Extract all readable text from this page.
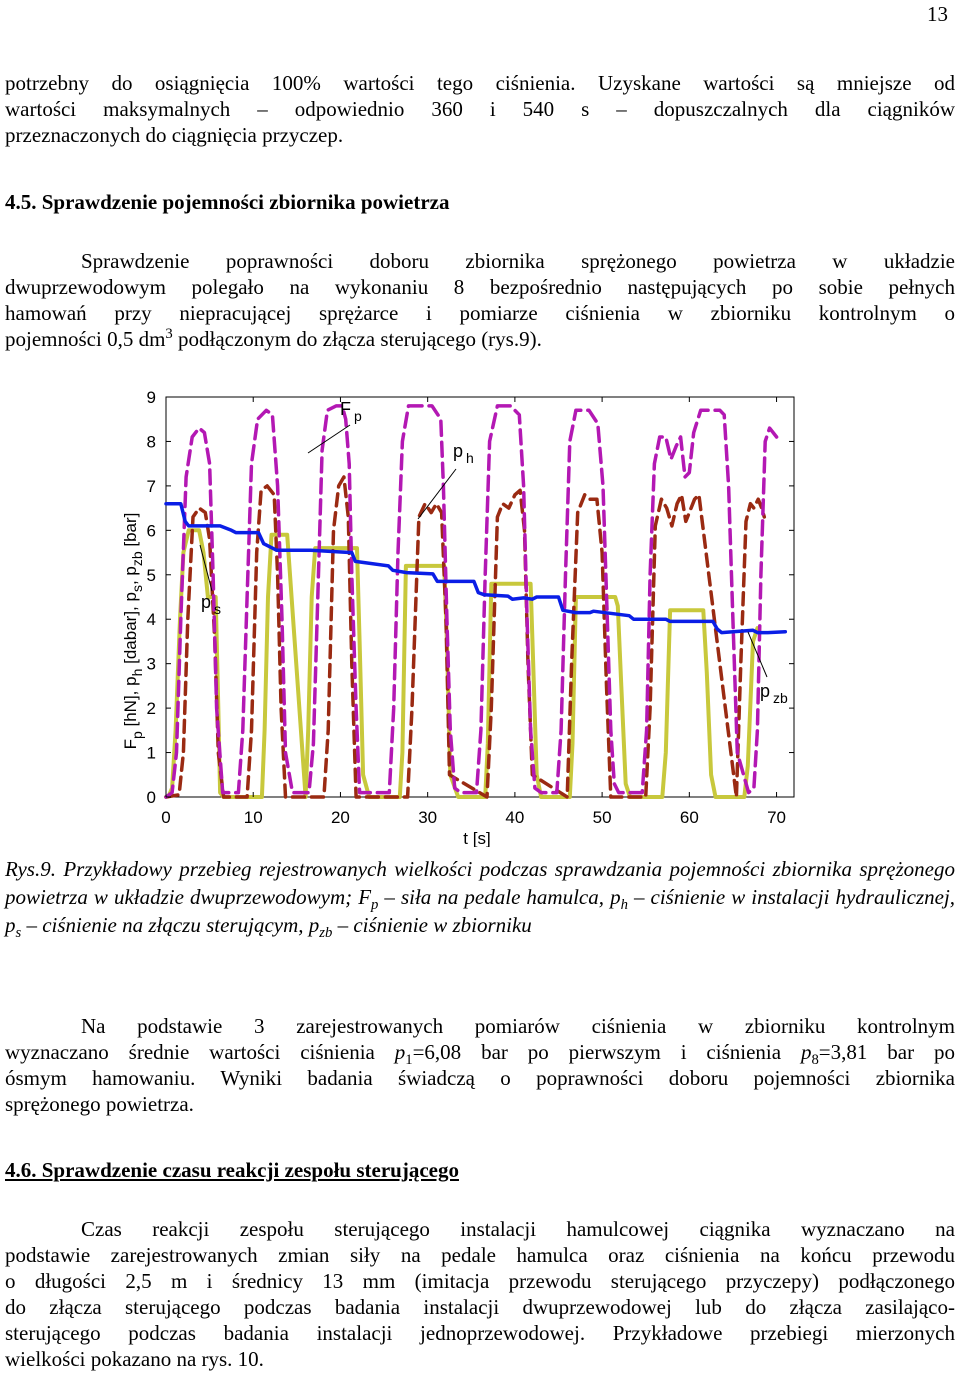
13
potrzebny do osiągnięcia 100% wartości tego ciśnienia. Uzyskane wartości są mniejsze od
wartości maksymalnych – odpowiednio 360 i 540 s – dopuszczalnych dla ciągników
przeznaczonych do ciągnięcia przyczep.
4.5. Sprawdzenie pojemności zbiornika powietrza
Sprawdzenie poprawności doboru zbiornika sprężonego powietrza w układzie
dwuprzewodowym polegało na wykonaniu 8 bezpośrednio następujących po sobie pełnych
hamowań przy niepracującej sprężarce i pomiarze ciśnienia w zbiorniku kontrolnym o
pojemności 0,5 $dm^3$ podłączonym do złącza sterującego (rys.9).
0	10	20	30	40	50	60	70
0
1
2
3
4
5
6
7
8
9
F $_p$
p $_h$
p $_s$
p $_{zb}$
t [s]
$F_p$ [hN], $p_h$ [dabar], $p_s$, $p_{zb}$ [bar]
Rys.9. Przykładowy przebieg rejestrowanych wielkości podczas sprawdzania pojemności zbiornika sprężonego powietrza w układzie dwuprzewodowym; $F_p$ – siła na pedale hamulca, $p_h$ – ciśnienie w instalacji hydraulicznej, $p_s$ – ciśnienie na złączu sterującym, $p_{zb}$ – ciśnienie w zbiorniku
Na podstawie 3 zarejestrowanych pomiarów ciśnienia w zbiorniku kontrolnym
wyznaczano średnie wartości ciśnienia $p_1=6,08$ bar po pierwszym i ciśnienia $p_8=3,81$ bar po
ósmym hamowaniu. Wyniki badania świadczą o poprawności doboru pojemności zbiornika
sprężonego powietrza.
4.6. Sprawdzenie czasu reakcji zespołu sterującego
Czas reakcji zespołu sterującego instalacji hamulcowej ciągnika wyznaczano na
podstawie zarejestrowanych zmian siły na pedale hamulca oraz ciśnienia na końcu przewodu
o długości 2,5 m i średnicy 13 mm (imitacja przewodu sterującego przyczepy) podłączonego
do złącza sterującego podczas badania instalacji dwuprzewodowej lub do złącza zasilająco-
sterującego podczas badania instalacji jednoprzewodowej. Przykładowe przebiegi mierzonych
wielkości pokazano na rys. 10.
